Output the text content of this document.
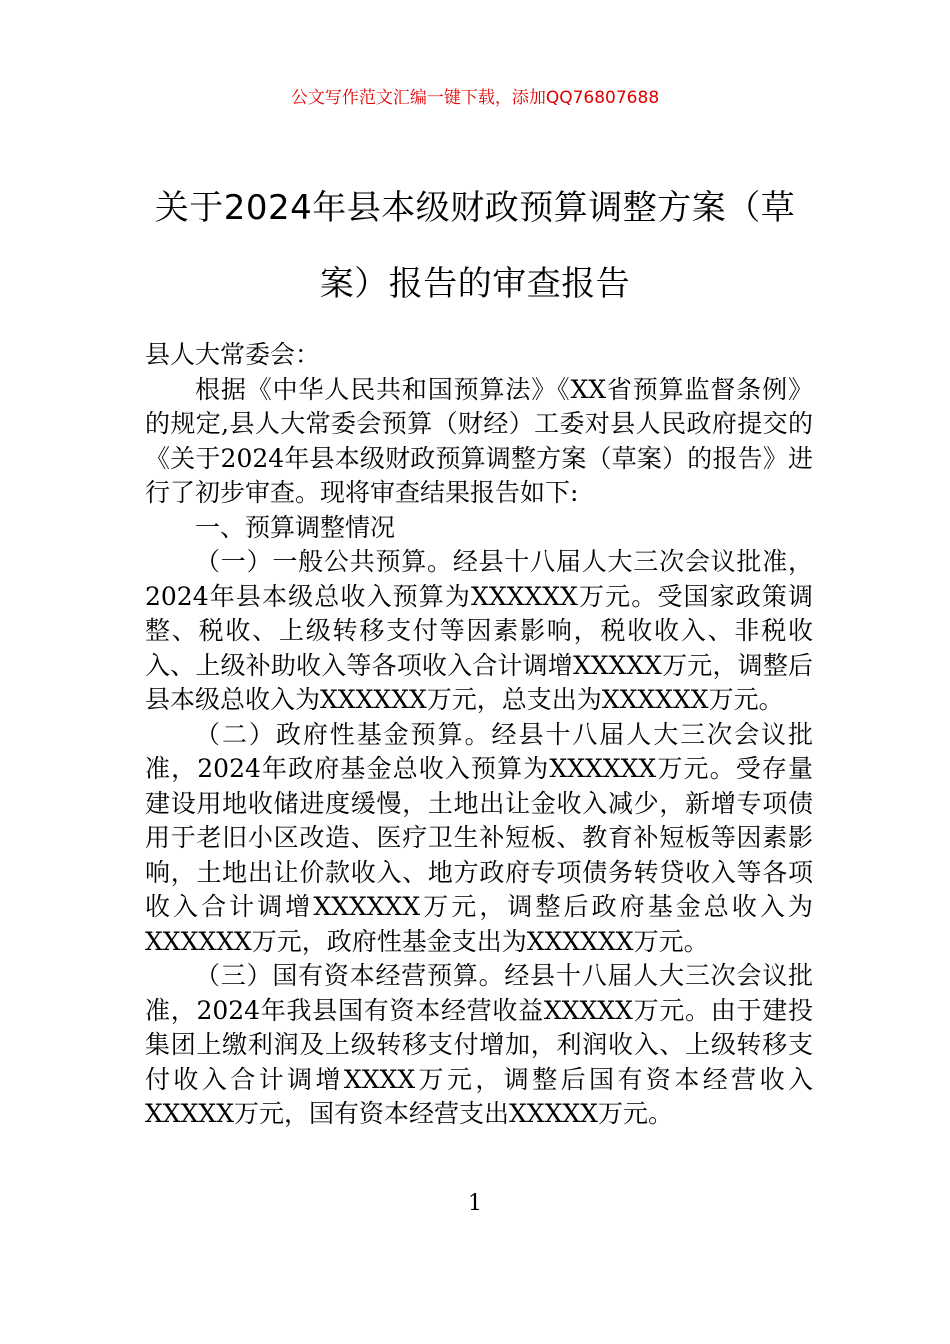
公文写作范文汇编一键下载，添加QQ76807688
关于2024年县本级财政预算调整方案（草
案）报告的审查报告

县人大常委会：

根据《中华人民共和国预算法》《XX省预算监督条例》的规定,县人大常委会预算（财经）工委对县人民政府提交的《关于2024年县本级财政预算调整方案（草案）的报告》进行了初步审查。现将审查结果报告如下:

一、预算调整情况

（一）一般公共预算。经县十八届人大三次会议批准，2024年县本级总收入预算为XXXXXX万元。受国家政策调整、税收、上级转移支付等因素影响，税收收入、非税收入、上级补助收入等各项收入合计调增XXXXX万元，调整后县本级总收入为XXXXXX万元，总支出为XXXXXX万元。

（二）政府性基金预算。经县十八届人大三次会议批准，2024年政府基金总收入预算为XXXXXX万元。受存量建设用地收储进度缓慢，土地出让金收入减少，新增专项债用于老旧小区改造、医疗卫生补短板、教育补短板等因素影响，土地出让价款收入、地方政府专项债务转贷收入等各项收入合计调增XXXXXX万元，调整后政府基金总收入为XXXXXX万元，政府性基金支出为XXXXXX万元。

（三）国有资本经营预算。经县十八届人大三次会议批准，2024年我县国有资本经营收益XXXXX万元。由于建投集团上缴利润及上级转移支付增加，利润收入、上级转移支付收入合计调增XXXX万元，调整后国有资本经营收入XXXXX万元，国有资本经营支出XXXXX万元。

1
